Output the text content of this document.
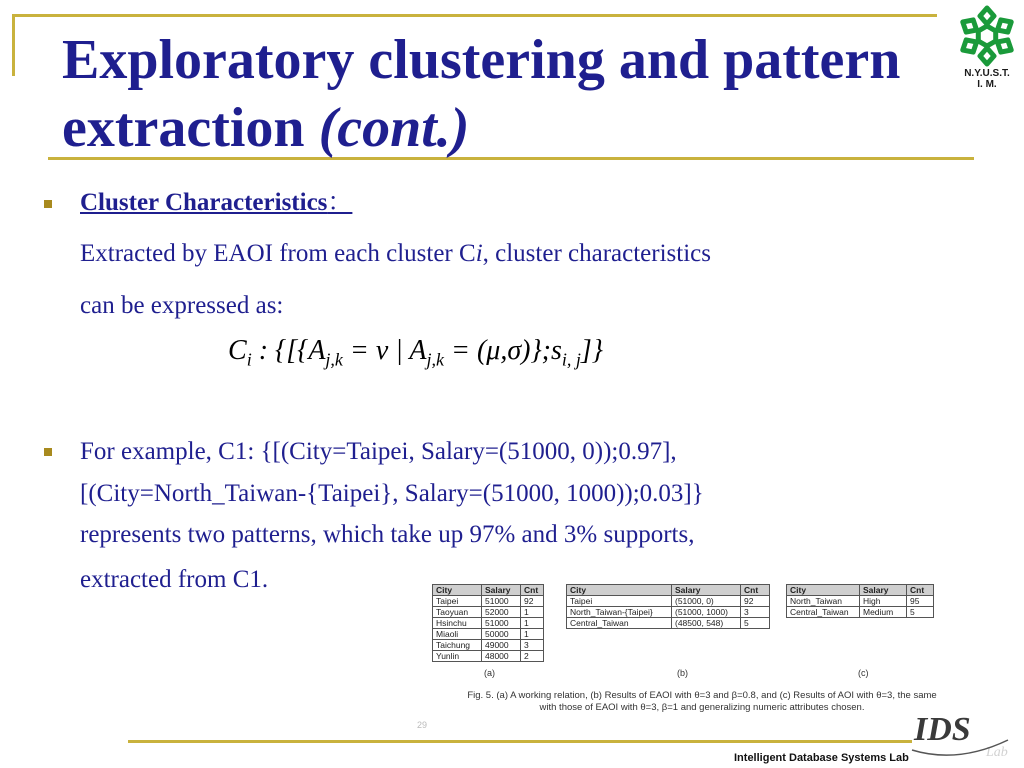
Exploratory clustering and pattern extraction (cont.)
N.Y.U.S.T.
I. M.
Cluster Characteristics：
Extracted by EAOI from each cluster Ci, cluster characteristics
can be expressed as:
$C_i$ : {[{$A_{j,k} = v$ | $A_{j,k}$ = $(\mu,\sigma)\};s_{i, j}$]}
For example, C1: {[(City=Taipei, Salary=(51000, 0));0.97],
[(City=North_Taiwan-{Taipei}, Salary=(51000, 1000));0.03]}
represents two patterns, which take up 97% and 3% supports,
extracted from C1.	City	Salary	Cnt
Taipei	51000	92
Taoyuan	52000	1
Hsinchu	51000	1
Miaoli	50000	1
Taichung	49000	3
Yunlin	48000	2
(a)
City	Salary	Cnt
Taipei	(51000, 0)	92
North_Taiwan-{Taipei}	(51000, 1000)	3
Central_Taiwan	(48500, 548)	5
(b)
City	Salary	Cnt
North_Taiwan	High	95
Central_Taiwan	Medium	5
(c)
Fig. 5. (a) A working relation, (b) Results of EAOI with θ=3 and β=0.8, and (c) Results of AOI with θ=3, the same
with those of EAOI with θ=3, β=1 and generalizing numeric attributes chosen.
29	IDS
Lab
Intelligent Database Systems Lab
